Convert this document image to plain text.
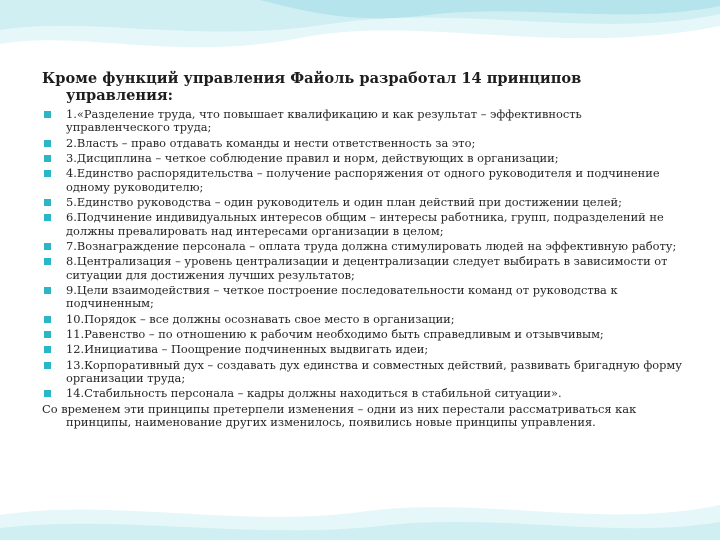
Кроме функций управления Файоль разработал 14 принципов
управления:
1.«Разделение труда, что повышает квалификацию и как результат – эффективность управленческого труда;
2.Власть – право отдавать команды и нести ответственность за это;
3.Дисциплина – четкое соблюдение правил и норм, действующих в организации;
4.Единство распорядительства – получение распоряжения от одного руководителя и подчинение одному руководителю;
5.Единство руководства – один руководитель и один план действий при достижении целей;
6.Подчинение индивидуальных интересов общим – интересы работника, групп, подразделений не должны превалировать над интересами организации в целом;
7.Вознаграждение персонала – оплата труда должна стимулировать людей на эффективную работу;
8.Централизация – уровень централизации и децентрализации следует выбирать в зависимости от ситуации для достижения лучших результатов;
9.Цели взаимодействия – четкое построение последовательности команд от руководства к подчиненным;
10.Порядок – все должны осознавать свое место в организации;
11.Равенство – по отношению к рабочим необходимо быть справедливым и отзывчивым;
12.Инициатива – Поощрение подчиненных выдвигать идеи;
13.Корпоративный дух – создавать дух единства и совместных действий, развивать бригадную форму организации труда;
14.Стабильность персонала – кадры должны находиться в стабильной ситуации».
Со временем эти принципы претерпели изменения – одни из них перестали рассматриваться как
принципы, наименование других изменилось, появились новые принципы управления.
